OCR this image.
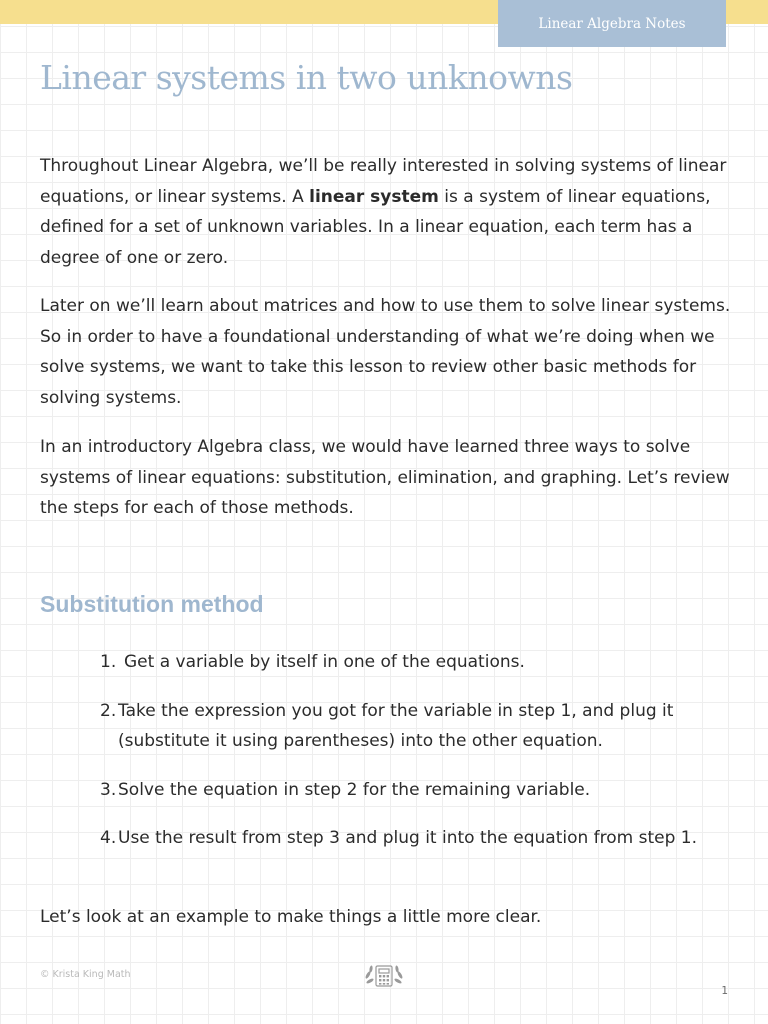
Linear Algebra Notes
Linear systems in two unknowns

Throughout Linear Algebra, we’ll be really interested in solving systems of linear equations, or linear systems. A linear system is a system of linear equations, defined for a set of unknown variables. In a linear equation, each term has a degree of one or zero.

Later on we’ll learn about matrices and how to use them to solve linear systems. So in order to have a foundational understanding of what we’re doing when we solve systems, we want to take this lesson to review other basic methods for solving systems.

In an introductory Algebra class, we would have learned three ways to solve systems of linear equations: substitution, elimination, and graphing. Let’s review the steps for each of those methods.

Substitution method
1. Get a variable by itself in one of the equations.
2. Take the expression you got for the variable in step 1, and plug it (substitute it using parentheses) into the other equation.
3. Solve the equation in step 2 for the remaining variable.
4. Use the result from step 3 and plug it into the equation from step 1.

Let’s look at an example to make things a little more clear.

© Krista King Math
1
